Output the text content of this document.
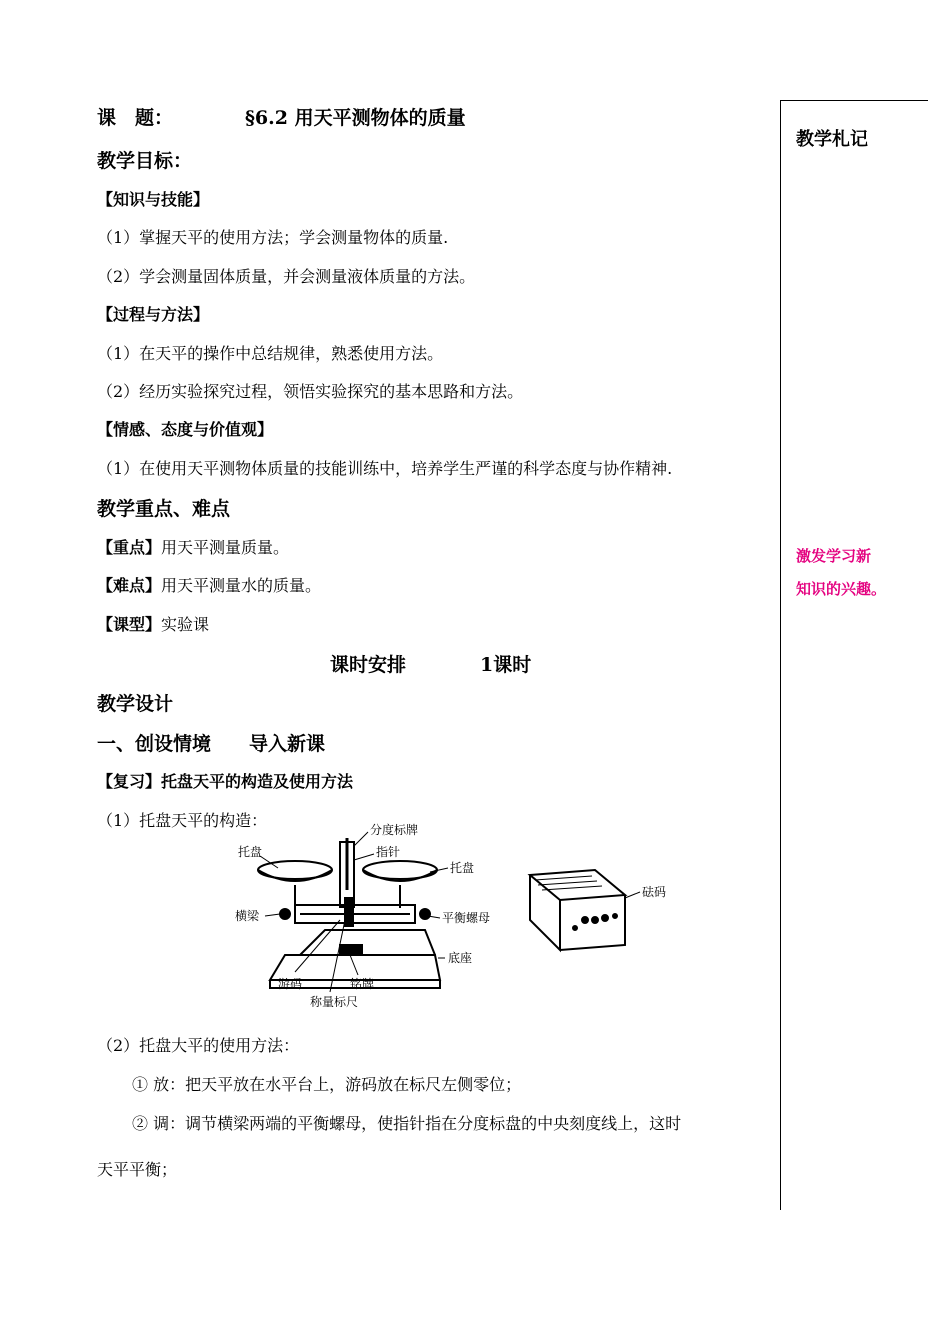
课　题：	§6.2 用天平测物体的质量
教学目标：
【知识与技能】
（1）掌握天平的使用方法；学会测量物体的质量.
（2）学会测量固体质量，并会测量液体质量的方法。
【过程与方法】
（1）在天平的操作中总结规律，熟悉使用方法。
（2）经历实验探究过程，领悟实验探究的基本思路和方法。
【情感、态度与价值观】
（1）在使用天平测物体质量的技能训练中，培养学生严谨的科学态度与协作精神.
教学重点、难点
【重点】用天平测量质量。
【难点】用天平测量水的质量。
【课型】实验课
课时安排	1课时
教学设计
一、创设情境　　导入新课
【复习】托盘天平的构造及使用方法
（1）托盘天平的构造：
托盘
分度标牌
指针
托盘
横梁	平衡螺母
底座
游码	铭牌
称量标尺
砝码
（2）托盘大平的使用方法：
① 放：把天平放在水平台上，游码放在标尺左侧零位；
② 调：调节横梁两端的平衡螺母，使指针指在分度标盘的中央刻度线上，这时
天平平衡；
教学札记
激发学习新
知识的兴趣。
